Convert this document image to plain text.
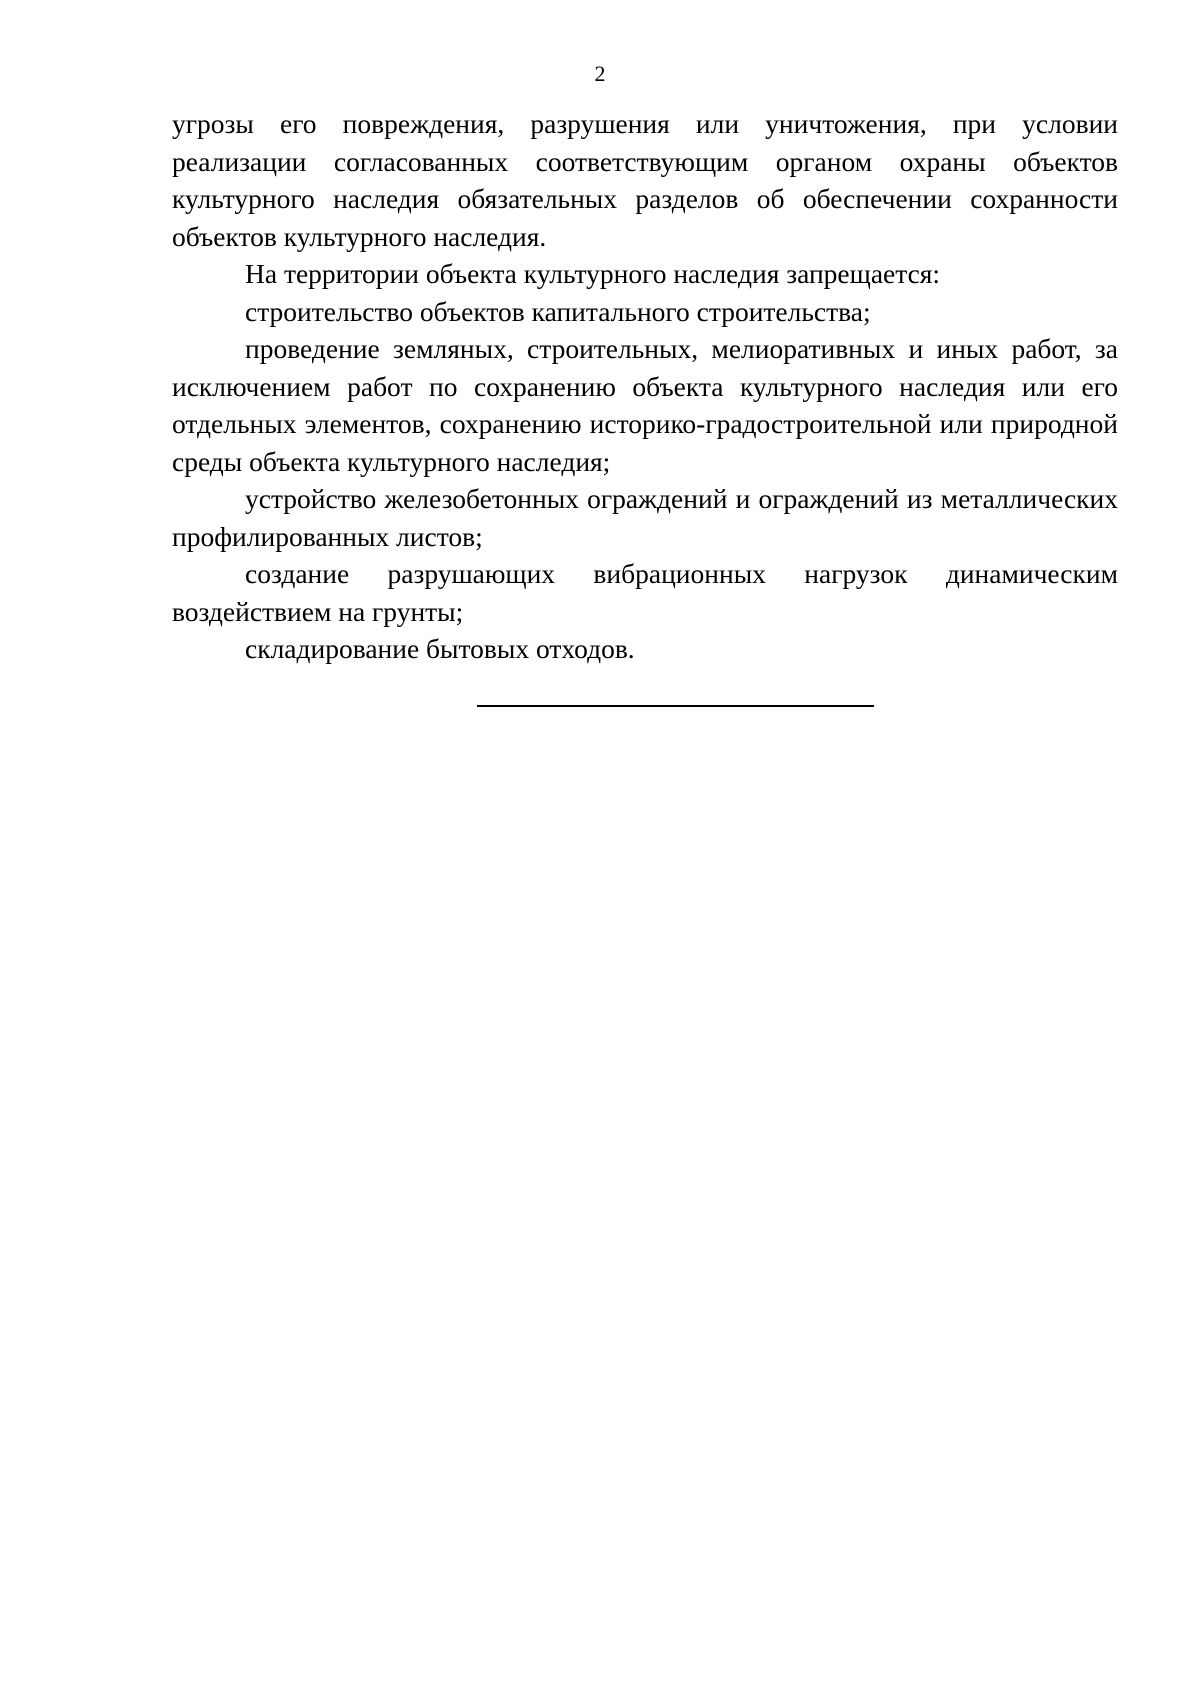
2

угрозы его повреждения, разрушения или уничтожения, при условии реализации согласованных соответствующим органом охраны объектов культурного наследия обязательных разделов об обеспечении сохранности объектов культурного наследия.

На территории объекта культурного наследия запрещается:

строительство объектов капитального строительства;

проведение земляных, строительных, мелиоративных и иных работ, за исключением работ по сохранению объекта культурного наследия или его отдельных элементов, сохранению историко-градостроительной или природной среды объекта культурного наследия;

устройство железобетонных ограждений и ограждений из металлических профилированных листов;

создание разрушающих вибрационных нагрузок динамическим воздействием на грунты;

складирование бытовых отходов.
